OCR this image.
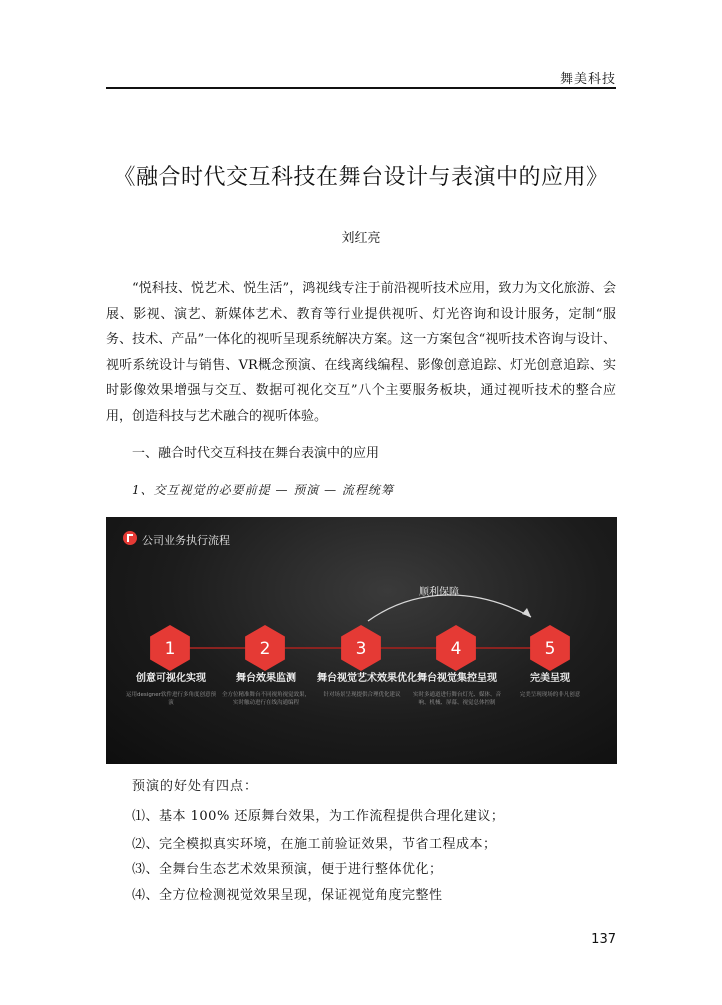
舞美科技
《融合时代交互科技在舞台设计与表演中的应用》
刘红亮
“悦科技、悦艺术、悦生活”，鸿视线专注于前沿视听技术应用，致力为文化旅游、会展、影视、演艺、新媒体艺术、教育等行业提供视听、灯光咨询和设计服务，定制“服务、技术、产品”一体化的视听呈现系统解决方案。这一方案包含“视听技术咨询与设计、视听系统设计与销售、VR概念预演、在线离线编程、影像创意追踪、灯光创意追踪、实时影像效果增强与交互、数据可视化交互”八个主要服务板块，通过视听技术的整合应用，创造科技与艺术融合的视听体验。
一、融合时代交互科技在舞台表演中的应用
1、交互视觉的必要前提 — 预演 — 流程统筹
1	2	3	4	5
公司业务执行流程
顺利保障
创意可视化实现
运用designer软件进行多角度创意预演
舞台效果监测
全方位精准舞台不同视角视觉效果，实时触动进行在线沟通编程
舞台视觉艺术效果优化
针对场景呈现提供合理优化建议
舞台视觉集控呈现
实时多通道进行舞台灯光、媒体、音响、机械、屏幕、视觉总体控制
完美呈现
完美呈现现场的非凡创意
预演的好处有四点：
⑴、基本 100% 还原舞台效果，为工作流程提供合理化建议；
⑵、完全模拟真实环境，在施工前验证效果，节省工程成本；
⑶、全舞台生态艺术效果预演，便于进行整体优化；
⑷、全方位检测视觉效果呈现，保证视觉角度完整性
137
